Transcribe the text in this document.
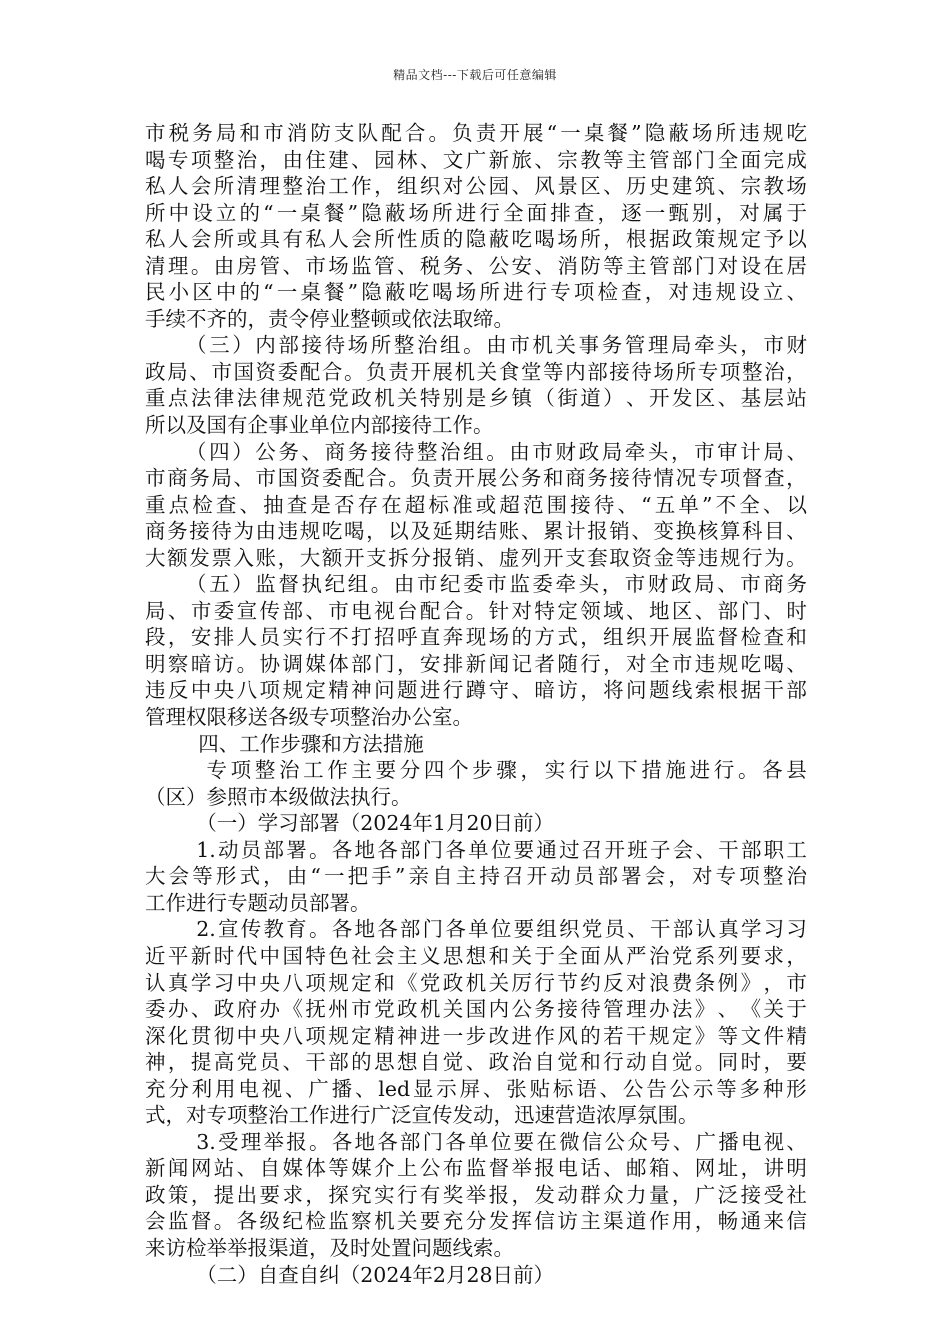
精品文档---下载后可任意编辑
市 税 务 局 和 市 消 防 支 队 配 合 。 负 责 开 展 “ 一 桌 餐 ” 隐 蔽 场 所 违 规 吃
喝 专 项 整 治 ， 由 住 建 、 园 林 、 文 广 新 旅 、 宗 教 等 主 管 部 门 全 面 完 成
私 人 会 所 清 理 整 治 工 作 ， 组 织 对 公 园 、 风 景 区 、 历 史 建 筑 、 宗 教 场
所 中 设 立 的 “ 一 桌 餐 ” 隐 蔽 场 所 进 行 全 面 排 查 ， 逐 一 甄 别 ， 对 属 于
私 人 会 所 或 具 有 私 人 会 所 性 质 的 隐 蔽 吃 喝 场 所 ， 根 据 政 策 规 定 予 以
清 理 。 由 房 管 、 市 场 监 管 、 税 务 、 公 安 、 消 防 等 主 管 部 门 对 设 在 居
民 小 区 中 的 “ 一 桌 餐 ” 隐 蔽 吃 喝 场 所 进 行 专 项 检 查 ， 对 违 规 设 立 、
手续不齐的，责令停业整顿或依法取缔。
（ 三 ） 内 部 接 待 场 所 整 治 组 。 由 市 机 关 事 务 管 理 局 牵 头 ， 市 财
政 局 、 市 国 资 委 配 合 。 负 责 开 展 机 关 食 堂 等 内 部 接 待 场 所 专 项 整 治 ，
重 点 法 律 法 律 规 范 党 政 机 关 特 别 是 乡 镇 （ 街 道 ） 、 开 发 区 、 基 层 站
所以及国有企事业单位内部接待工作。
（ 四 ） 公 务 、 商 务 接 待 整 治 组 。 由 市 财 政 局 牵 头 ， 市 审 计 局 、
市 商 务 局 、 市 国 资 委 配 合 。 负 责 开 展 公 务 和 商 务 接 待 情 况 专 项 督 查 ，
重 点 检 查 、 抽 查 是 否 存 在 超 标 准 或 超 范 围 接 待 、 “ 五 单 ” 不 全 、 以
商 务 接 待 为 由 违 规 吃 喝 ， 以 及 延 期 结 账 、 累 计 报 销 、 变 换 核 算 科 目 、
大 额 发 票 入 账 ， 大 额 开 支 拆 分 报 销 、 虚 列 开 支 套 取 资 金 等 违 规 行 为 。
（ 五 ） 监 督 执 纪 组 。 由 市 纪 委 市 监 委 牵 头 ， 市 财 政 局 、 市 商 务
局 、 市 委 宣 传 部 、 市 电 视 台 配 合 。 针 对 特 定 领 域 、 地 区 、 部 门 、 时
段 ， 安 排 人 员 实 行 不 打 招 呼 直 奔 现 场 的 方 式 ， 组 织 开 展 监 督 检 查 和
明 察 暗 访 。 协 调 媒 体 部 门 ， 安 排 新 闻 记 者 随 行 ， 对 全 市 违 规 吃 喝 、
违 反 中 央 八 项 规 定 精 神 问 题 进 行 蹲 守 、 暗 访 ， 将 问 题 线 索 根 据 干 部
管理权限移送各级专项整治办公室。
四、工作步骤和方法措施
专 项 整 治 工 作 主 要 分 四 个 步 骤 ， 实 行 以 下 措 施 进 行 。 各 县
（区）参照市本级做法执行。
（一）学习部署（2024年1月20日前）
1. 动 员 部 署 。 各 地 各 部 门 各 单 位 要 通 过 召 开 班 子 会 、 干 部 职 工
大 会 等 形 式 ， 由 “ 一 把 手 ” 亲 自 主 持 召 开 动 员 部 署 会 ， 对 专 项 整 治
工作进行专题动员部署。
2. 宣 传 教 育 。 各 地 各 部 门 各 单 位 要 组 织 党 员 、 干 部 认 真 学 习 习
近 平 新 时 代 中 国 特 色 社 会 主 义 思 想 和 关 于 全 面 从 严 治 党 系 列 要 求 ，
认 真 学 习 中 央 八 项 规 定 和 《 党 政 机 关 厉 行 节 约 反 对 浪 费 条 例 》 ， 市
委 办 、 政 府 办 《 抚 州 市 党 政 机 关 国 内 公 务 接 待 管 理 办 法 》 、 《 关 于
深 化 贯 彻 中 央 八 项 规 定 精 神 进 一 步 改 进 作 风 的 若 干 规 定 》 等 文 件 精
神 ， 提 高 党 员 、 干 部 的 思 想 自 觉 、 政 治 自 觉 和 行 动 自 觉 。 同 时 ， 要
充 分 利 用 电 视 、 广 播 、 led 显 示 屏 、 张 贴 标 语 、 公 告 公 示 等 多 种 形
式，对专项整治工作进行广泛宣传发动，迅速营造浓厚氛围。
3. 受 理 举 报 。 各 地 各 部 门 各 单 位 要 在 微 信 公 众 号 、 广 播 电 视 、
新 闻 网 站 、 自 媒 体 等 媒 介 上 公 布 监 督 举 报 电 话 、 邮 箱 、 网 址 ， 讲 明
政 策 ， 提 出 要 求 ， 探 究 实 行 有 奖 举 报 ， 发 动 群 众 力 量 ， 广 泛 接 受 社
会 监 督 。 各 级 纪 检 监 察 机 关 要 充 分 发 挥 信 访 主 渠 道 作 用 ， 畅 通 来 信
来访检举举报渠道，及时处置问题线索。
（二）自查自纠（2024年2月28日前）
